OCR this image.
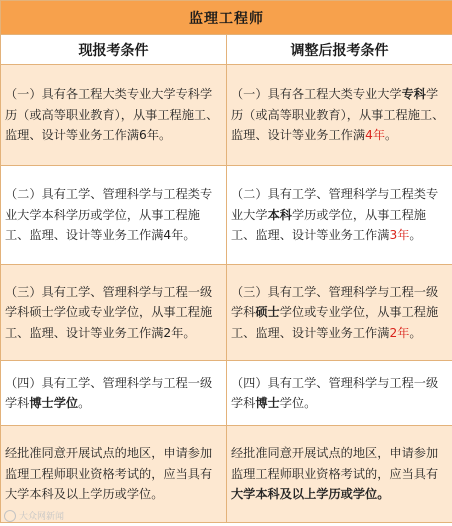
监理工程师	
现报考条件	调整后报考条件
（一）具有各工程大类专业大学专科学历（或高等职业教育），从事工程施工、监理、设计等业务工作满6年。	（一）具有各工程大类专业大学专科学历（或高等职业教育），从事工程施工、监理、设计等业务工作满4年。
（二）具有工学、管理科学与工程类专业大学本科学历或学位，从事工程施工、监理、设计等业务工作满4年。	（二）具有工学、管理科学与工程类专业大学本科学历或学位，从事工程施工、监理、设计等业务工作满3年。
（三）具有工学、管理科学与工程一级学科硕士学位或专业学位，从事工程施工、监理、设计等业务工作满2年。	（三）具有工学、管理科学与工程一级学科硕士学位或专业学位，从事工程施工、监理、设计等业务工作满2年。
（四）具有工学、管理科学与工程一级学科博士学位。	（四）具有工学、管理科学与工程一级学科博士学位。
经批准同意开展试点的地区，申请参加监理工程师职业资格考试的，应当具有大学本科及以上学历或学位。	经批准同意开展试点的地区，申请参加监理工程师职业资格考试的，应当具有大学本科及以上学历或学位。
大众网新闻
